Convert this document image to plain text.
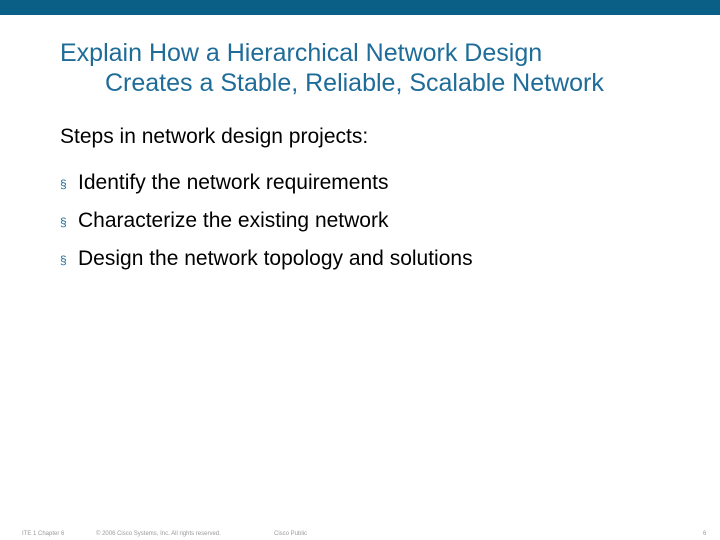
Explain How a Hierarchical Network Design
Creates a Stable, Reliable, Scalable Network

Steps in network design projects:

§ Identify the network requirements
§ Characterize the existing network
§ Design the network topology and solutions
ITE 1 Chapter 6	© 2006 Cisco Systems, Inc. All rights reserved.	Cisco Public	6
